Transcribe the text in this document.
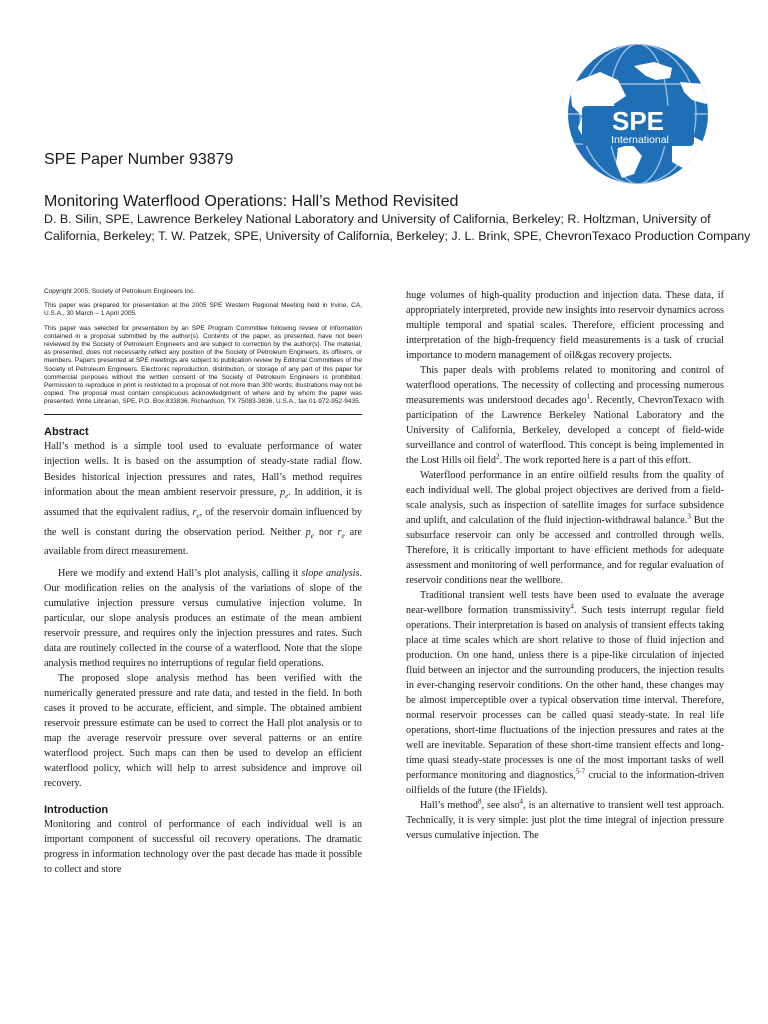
SPE
International
SPE Paper Number 93879
Monitoring Waterflood Operations: Hall’s Method Revisited
D. B. Silin, SPE, Lawrence Berkeley National Laboratory and University of California, Berkeley; R. Holtzman, University of California, Berkeley; T. W. Patzek, SPE, University of California, Berkeley; J. L. Brink, SPE, ChevronTexaco Production Company

Copyright 2005, Society of Petroleum Engineers Inc.

This paper was prepared for presentation at the 2005 SPE Western Regional Meeting held in Irvine, CA, U.S.A., 30 March – 1 April 2005.

This paper was selected for presentation by an SPE Program Committee following review of information contained in a proposal submitted by the author(s). Contents of the paper, as presented, have not been reviewed by the Society of Petroleum Engineers and are subject to correction by the author(s). The material, as presented, does not necessarily reflect any position of the Society of Petroleum Engineers, its officers, or members. Papers presented at SPE meetings are subject to publication review by Editorial Committees of the Society of Petroleum Engineers. Electronic reproduction, distribution, or storage of any part of this paper for commercial purposes without the written consent of the Society of Petroleum Engineers is prohibited. Permission to reproduce in print is restricted to a proposal of not more than 300 words; illustrations may not be copied. The proposal must contain conspicuous acknowledgment of where and by whom the paper was presented. Write Librarian, SPE, P.O. Box 833836, Richardson, TX 75083-3836, U.S.A., fax 01-972-952-9435.

Abstract

Hall’s method is a simple tool used to evaluate performance of water injection wells. It is based on the assumption of steady-state radial flow. Besides historical injection pressures and rates, Hall’s method requires information about the mean ambient reservoir pressure, $p_e$. In addition, it is assumed that the equivalent radius, $r_e$, of the reservoir domain influenced by the well is constant during the observation period. Neither $p_e$ nor $r_e$ are available from direct measurement.

Here we modify and extend Hall’s plot analysis, calling it slope analysis. Our modification relies on the analysis of the variations of slope of the cumulative injection pressure versus cumulative injection volume. In particular, our slope analysis produces an estimate of the mean ambient reservoir pressure, and requires only the injection pressures and rates. Such data are routinely collected in the course of a waterflood. Note that the slope analysis method requires no interruptions of regular field operations.

The proposed slope analysis method has been verified with the numerically generated pressure and rate data, and tested in the field. In both cases it proved to be accurate, efficient, and simple. The obtained ambient reservoir pressure estimate can be used to correct the Hall plot analysis or to map the average reservoir pressure over several patterns or an entire waterflood project. Such maps can then be used to develop an efficient waterflood policy, which will help to arrest subsidence and improve oil recovery.

Introduction

Monitoring and control of performance of each individual well is an important component of successful oil recovery operations. The dramatic progress in information technology over the past decade has made it possible to collect and store

huge volumes of high-quality production and injection data. These data, if appropriately interpreted, provide new insights into reservoir dynamics across multiple temporal and spatial scales. Therefore, efficient processing and interpretation of the high-frequency field measurements is a task of crucial importance to modern management of oil&gas recovery projects.

This paper deals with problems related to monitoring and control of waterflood operations. The necessity of collecting and processing numerous measurements was understood decades ago$^1$. Recently, ChevronTexaco with participation of the Lawrence Berkeley National Laboratory and the University of California, Berkeley, developed a concept of field-wide surveillance and control of waterflood. This concept is being implemented in the Lost Hills oil field$^2$. The work reported here is a part of this effort.

Waterflood performance in an entire oilfield results from the quality of each individual well. The global project objectives are derived from a field-scale analysis, such as inspection of satellite images for surface subsidence and uplift, and calculation of the fluid injection-withdrawal balance.$^3$ But the subsurface reservoir can only be accessed and controlled through wells. Therefore, it is critically important to have efficient methods for adequate assessment and monitoring of well performance, and for regular evaluation of reservoir conditions near the wellbore.

Traditional transient well tests have been used to evaluate the average near-wellbore formation transmissivity$^4$. Such tests interrupt regular field operations. Their interpretation is based on analysis of transient effects taking place at time scales which are short relative to those of fluid injection and production. On one hand, unless there is a pipe-like circulation of injected fluid between an injector and the surrounding producers, the injection results in ever-changing reservoir conditions. On the other hand, these changes may be almost imperceptible over a typical observation time interval. Therefore, normal reservoir processes can be called quasi steady-state. In real life operations, short-time fluctuations of the injection pressures and rates at the well are inevitable. Separation of these short-time transient effects and long-time quasi steady-state processes is one of the most important tasks of well performance monitoring and diagnostics,$^{5-7}$ crucial to the information-driven oilfields of the future (the IFields).

Hall’s method$^8$, see also$^4$, is an alternative to transient well test approach. Technically, it is very simple: just plot the time integral of injection pressure versus cumulative injection. The
